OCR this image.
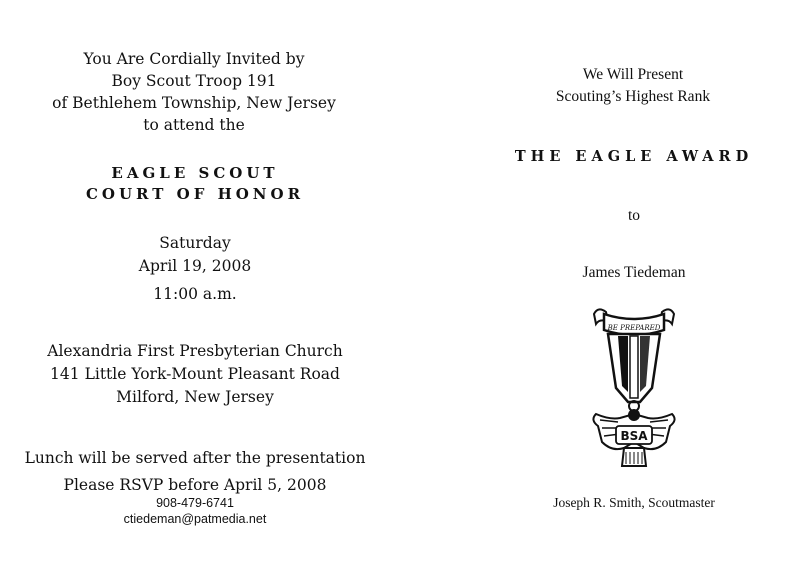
You Are Cordially Invited by
Boy Scout Troop 191
of Bethlehem Township, New Jersey
to attend the
EAGLE SCOUT
COURT OF HONOR
Saturday
April 19, 2008
11:00 a.m.
Alexandria First Presbyterian Church
141 Little York-Mount Pleasant Road
Milford, New Jersey
Lunch will be served after the presentation
Please RSVP before April 5, 2008
908-479-6741
ctiedeman@patmedia.net
We Will Present
Scouting’s Highest Rank
THE EAGLE AWARD
to
James Tiedeman
BE PREPARED
BSA
Joseph R. Smith, Scoutmaster
